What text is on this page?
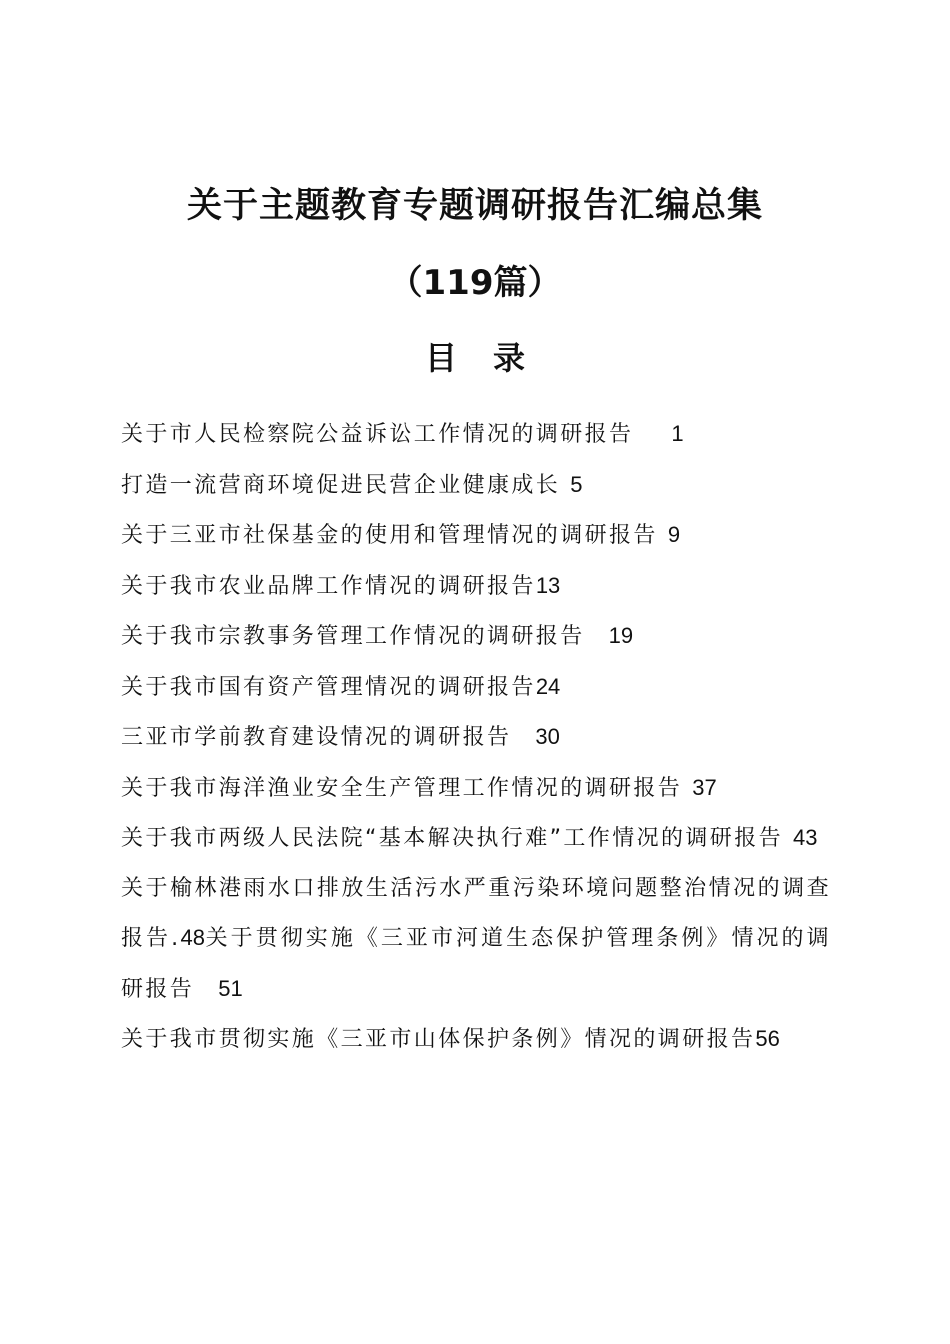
关于主题教育专题调研报告汇编总集
（119篇）
目录
关于市人民检察院公益诉讼工作情况的调研报告 1
打造一流营商环境促进民营企业健康成长 5
关于三亚市社保基金的使用和管理情况的调研报告 9
关于我市农业品牌工作情况的调研报告13
关于我市宗教事务管理工作情况的调研报告 19
关于我市国有资产管理情况的调研报告24
三亚市学前教育建设情况的调研报告 30
关于我市海洋渔业安全生产管理工作情况的调研报告 37
关于我市两级人民法院“基本解决执行难”工作情况的调研报告 43
关于榆林港雨水口排放生活污水严重污染环境问题整治情况的调查报告.48关于贯彻实施《三亚市河道生态保护管理条例》情况的调研报告 51
关于我市贯彻实施《三亚市山体保护条例》情况的调研报告56
